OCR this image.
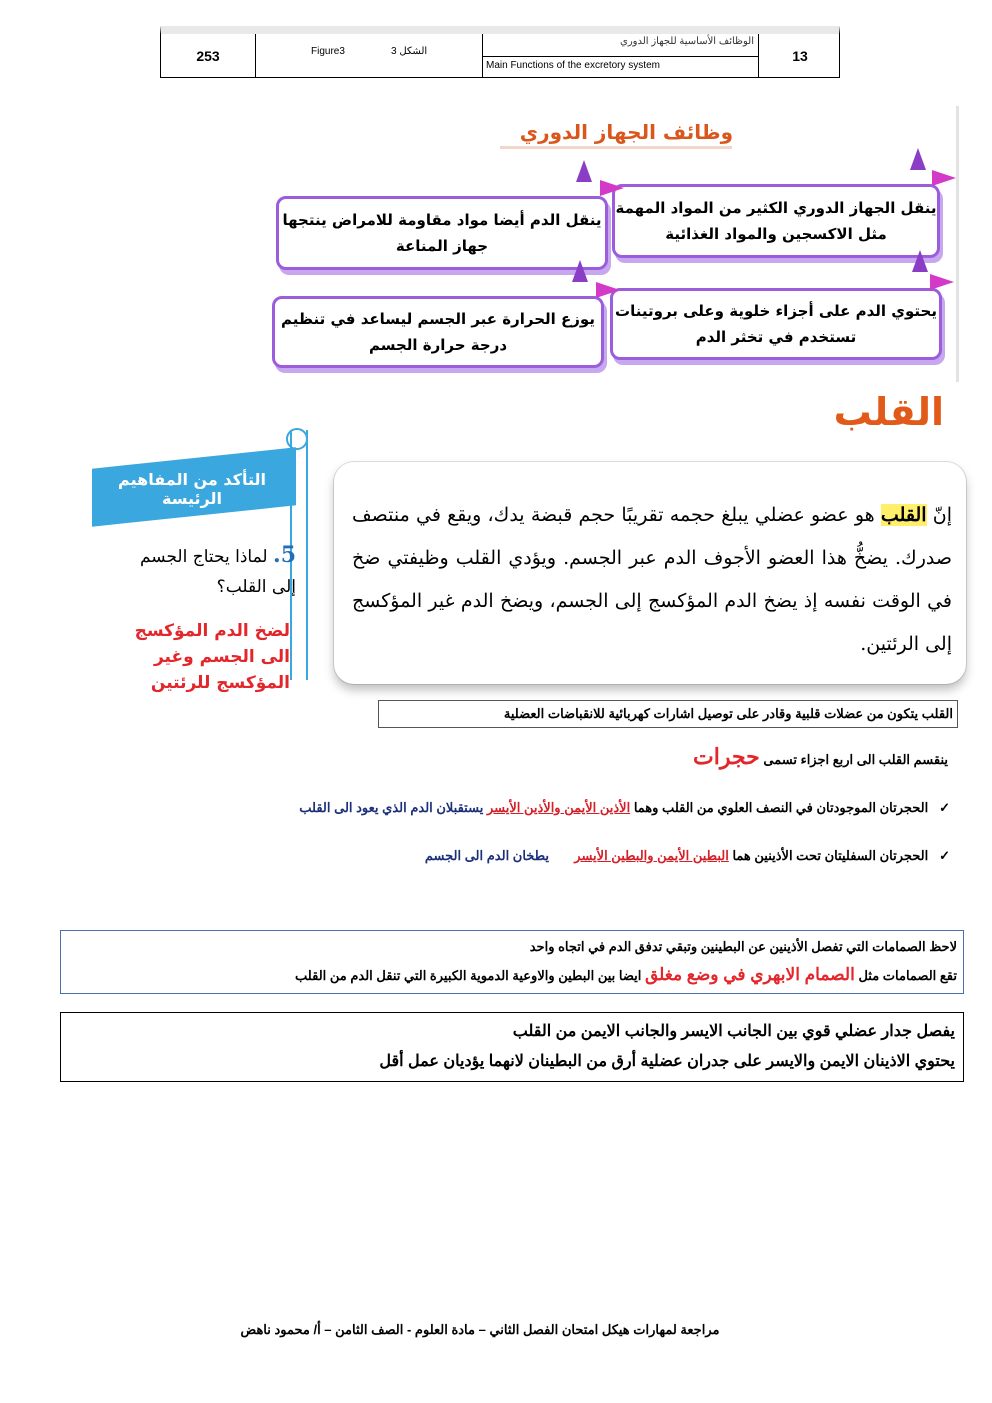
253	Figure3	الشكل 3
الوظائف الأساسية للجهاز الدوري
Main Functions of the excretory system
13
وظائف الجهاز الدوري
ينقل الجهاز الدوري الكثير من المواد المهمة مثل الاكسجين والمواد الغذائية
ينقل الدم أيضا مواد مقاومة للامراض ينتجها جهاز المناعة
يحتوي الدم على أجزاء خلوية وعلى بروتينات تستخدم في تخثر الدم
يوزع الحرارة عبر الجسم ليساعد في تنظيم درجة حرارة الجسم
القلب
إنّ القلب هو عضو عضلي يبلغ حجمه تقريبًا حجم قبضة يدك، ويقع في منتصف صدرك. يضخُّ هذا العضو الأجوف الدم عبر الجسم. ويؤدي القلب وظيفتي ضخ في الوقت نفسه إذ يضخ الدم المؤكسج إلى الجسم، ويضخ الدم غير المؤكسج إلى الرئتين.
التأكد من المفاهيم الرئيسة
5. لماذا يحتاج الجسم إلى القلب؟
لضخ الدم المؤكسج الى الجسم وغير المؤكسج للرئتين
القلب يتكون من عضلات قلبية وقادر على توصيل اشارات كهربائية للانقباضات العضلية
ينقسم القلب الى اربع اجزاء تسمى حجرات
✓   الحجرتان الموجودتان في النصف العلوي من القلب وهما الأذين الأيمن والأذين الأيسر يستقبلان الدم الذي يعود الى القلب
✓   الحجرتان السفليتان تحت الأذينين هما البطين الأيمن والبطين الأيسر       يطخان الدم الى الجسم
لاحظ الصمامات التي تفصل الأذينين عن البطينين وتبقي تدفق الدم في اتجاه واحد
تقع الصمامات مثل الصمام الابهري في وضع مغلق ايضا بين البطين والاوعية الدموية الكبيرة التي تنقل الدم من القلب
يفصل جدار عضلي قوي بين الجانب الايسر والجانب الايمن من القلب
يحتوي الاذينان الايمن والايسر على جدران عضلية أرق من البطينان لانهما يؤديان عمل أقل
مراجعة لمهارات هيكل امتحان الفصل الثاني – مادة العلوم - الصف الثامن – أ/ محمود ناهض
